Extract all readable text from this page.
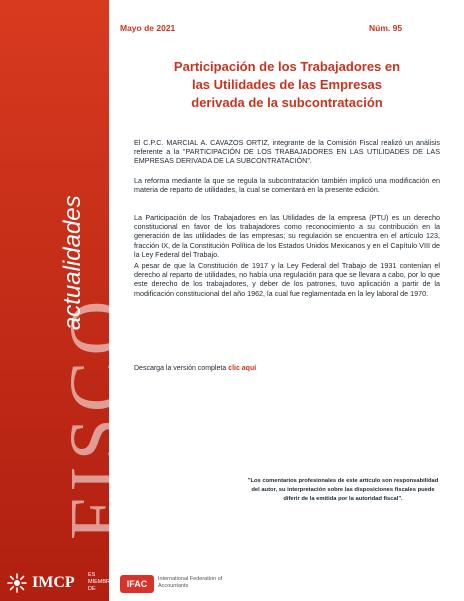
FISCO actualidades
IMCP ES MIEMBRO DE	IFAC	International Federation of Accountants
Mayo de 2021	Núm. 95
Participación de los Trabajadores en
las Utilidades de las Empresas
derivada de la subcontratación
El C.P.C. MARCIAL A. CAVAZOS ORTIZ, integrante de la Comisión Fiscal realizó un análisis referente a la "PARTICIPACIÓN DE LOS TRABAJADORES EN LAS UTILIDADES DE LAS EMPRESAS DERIVADA DE LA SUBCONTRATACIÓN".
La reforma mediante la que se regula la subcontratación también implicó una modificación en materia de reparto de utilidades, la cual se comentará en la presente edición.
La Participación de los Trabajadores en las Utilidades de la empresa (PTU) es un derecho constitucional en favor de los trabajadores como reconocimiento a su contribución en la generación de las utilidades de las empresas; su regulación se encuentra en el artículo 123, fracción IX, de la Constitución Política de los Estados Unidos Mexicanos y en el Capítulo VIII de la Ley Federal del Trabajo.
A pesar de que la Constitución de 1917 y la Ley Federal del Trabajo de 1931 contenían el derecho al reparto de utilidades, no había una regulación para que se llevara a cabo, por lo que este derecho de los trabajadores, y deber de los patrones, tuvo aplicación a partir de la modificación constitucional del año 1962, la cual fue reglamentada en la ley laboral de 1970.
Descarga la versión completa clic aquí
"Los comentarios profesionales de este artículo son responsabilidad del autor, su interpretación sobre las disposiciones fiscales puede diferir de la emitida por la autoridad fiscal".
